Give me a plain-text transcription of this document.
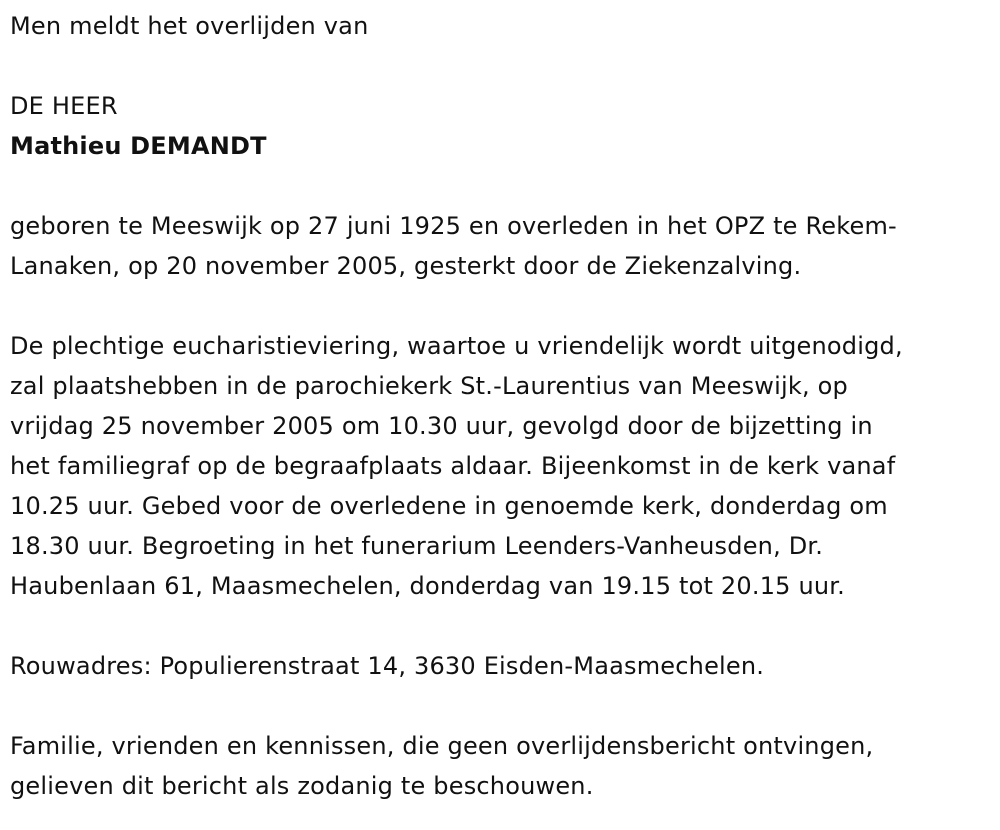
Men meldt het overlijden van

DE HEER

Mathieu DEMANDT

geboren te Meeswijk op 27 juni 1925 en overleden in het OPZ te Rekem-

Lanaken, op 20 november 2005, gesterkt door de Ziekenzalving.

De plechtige eucharistieviering, waartoe u vriendelijk wordt uitgenodigd,

zal plaatshebben in de parochiekerk St.-Laurentius van Meeswijk, op

vrijdag 25 november 2005 om 10.30 uur, gevolgd door de bijzetting in

het familiegraf op de begraafplaats aldaar. Bijeenkomst in de kerk vanaf

10.25 uur. Gebed voor de overledene in genoemde kerk, donderdag om

18.30 uur. Begroeting in het funerarium Leenders-Vanheusden, Dr.

Haubenlaan 61, Maasmechelen, donderdag van 19.15 tot 20.15 uur.

Rouwadres: Populierenstraat 14, 3630 Eisden-Maasmechelen.

Familie, vrienden en kennissen, die geen overlijdensbericht ontvingen,

gelieven dit bericht als zodanig te beschouwen.
